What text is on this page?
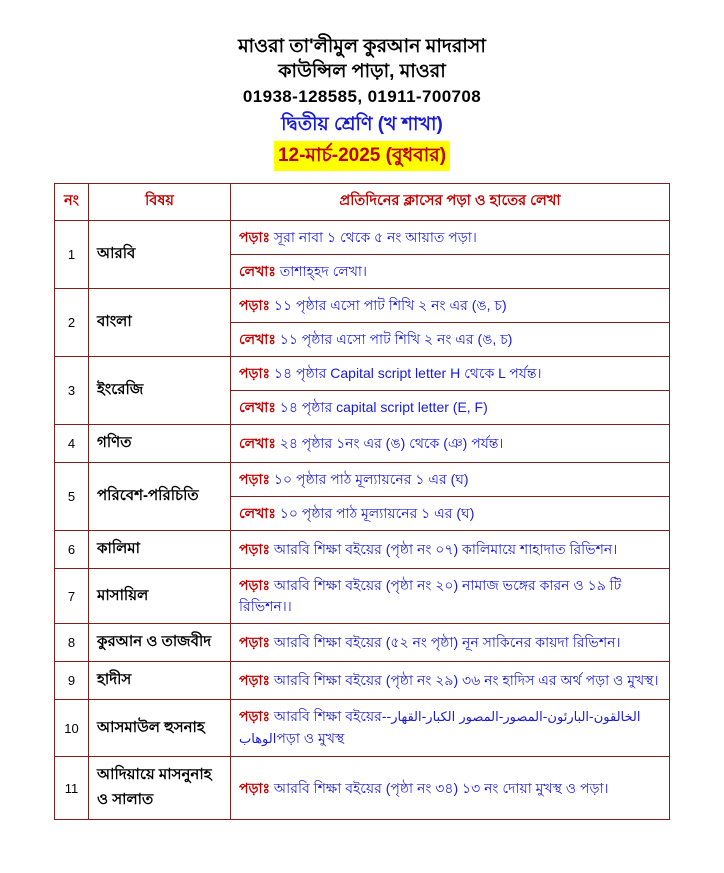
মাওরা তা'লীমুল কুরআন মাদরাসা
কাউন্সিল পাড়া, মাওরা
01938-128585, 01911-700708
দ্বিতীয় শ্রেণি (খ শাখা)
12-মার্চ-2025 (বুধবার)
নং	বিষয়	প্রতিদিনের ক্লাসের পড়া ও হাতের লেখা
1	আরবি	পড়াঃ সূরা নাবা ১ থেকে ৫ নং আয়াত পড়া।
		লেখাঃ তাশাহ্হদ লেখা।
2	বাংলা	পড়াঃ ১১ পৃষ্ঠার এসো পাট শিখি ২ নং এর (ঙ, চ)
		লেখাঃ ১১ পৃষ্ঠার এসো পাট শিখি ২ নং এর (ঙ, চ)
3	ইংরেজি	পড়াঃ ১৪ পৃষ্ঠার Capital script letter H থেকে L পর্যন্ত।
		লেখাঃ ১৪ পৃষ্ঠার capital script letter (E, F)
4	গণিত	লেখাঃ ২৪ পৃষ্ঠার ১নং এর (ঙ) থেকে (ঞ) পর্যন্ত।
5	পরিবেশ-পরিচিতি	পড়াঃ ১০ পৃষ্ঠার পাঠ মূল্যায়নের ১ এর (ঘ)
		লেখাঃ ১০ পৃষ্ঠার পাঠ মূল্যায়নের ১ এর (ঘ)
6	কালিমা	পড়াঃ আরবি শিক্ষা বইয়ের (পৃষ্ঠা নং ০৭) কালিমায়ে শাহাদাত রিভিশন।
7	মাসায়িল	পড়াঃ আরবি শিক্ষা বইয়ের (পৃষ্ঠা নং ২০) নামাজ ভঙ্গের কারন ও ১৯ টি রিভিশন।।
8	কুরআন ও তাজবীদ	পড়াঃ আরবি শিক্ষা বইয়ের (৫২ নং পৃষ্ঠা) নূন সাকিনের কায়দা রিভিশন।
9	হাদীস	পড়াঃ আরবি শিক্ষা বইয়ের (পৃষ্ঠা নং ২৯) ৩৬ নং হাদিস এর অর্থ পড়া ও মুখস্থ।
10	আসমাউল হুসনাহ	পড়াঃ আরবি শিক্ষা বইয়ের-الخالقون-البارئون-المصور-المصور الكبار-القهار-الوهابপড়া ও মুখস্থ
11	আদিয়ায়ে মাসনুনাহ ও সালাত	পড়াঃ আরবি শিক্ষা বইয়ের (পৃষ্ঠা নং ৩৪) ১৩ নং দোয়া মুখস্থ ও পড়া।
